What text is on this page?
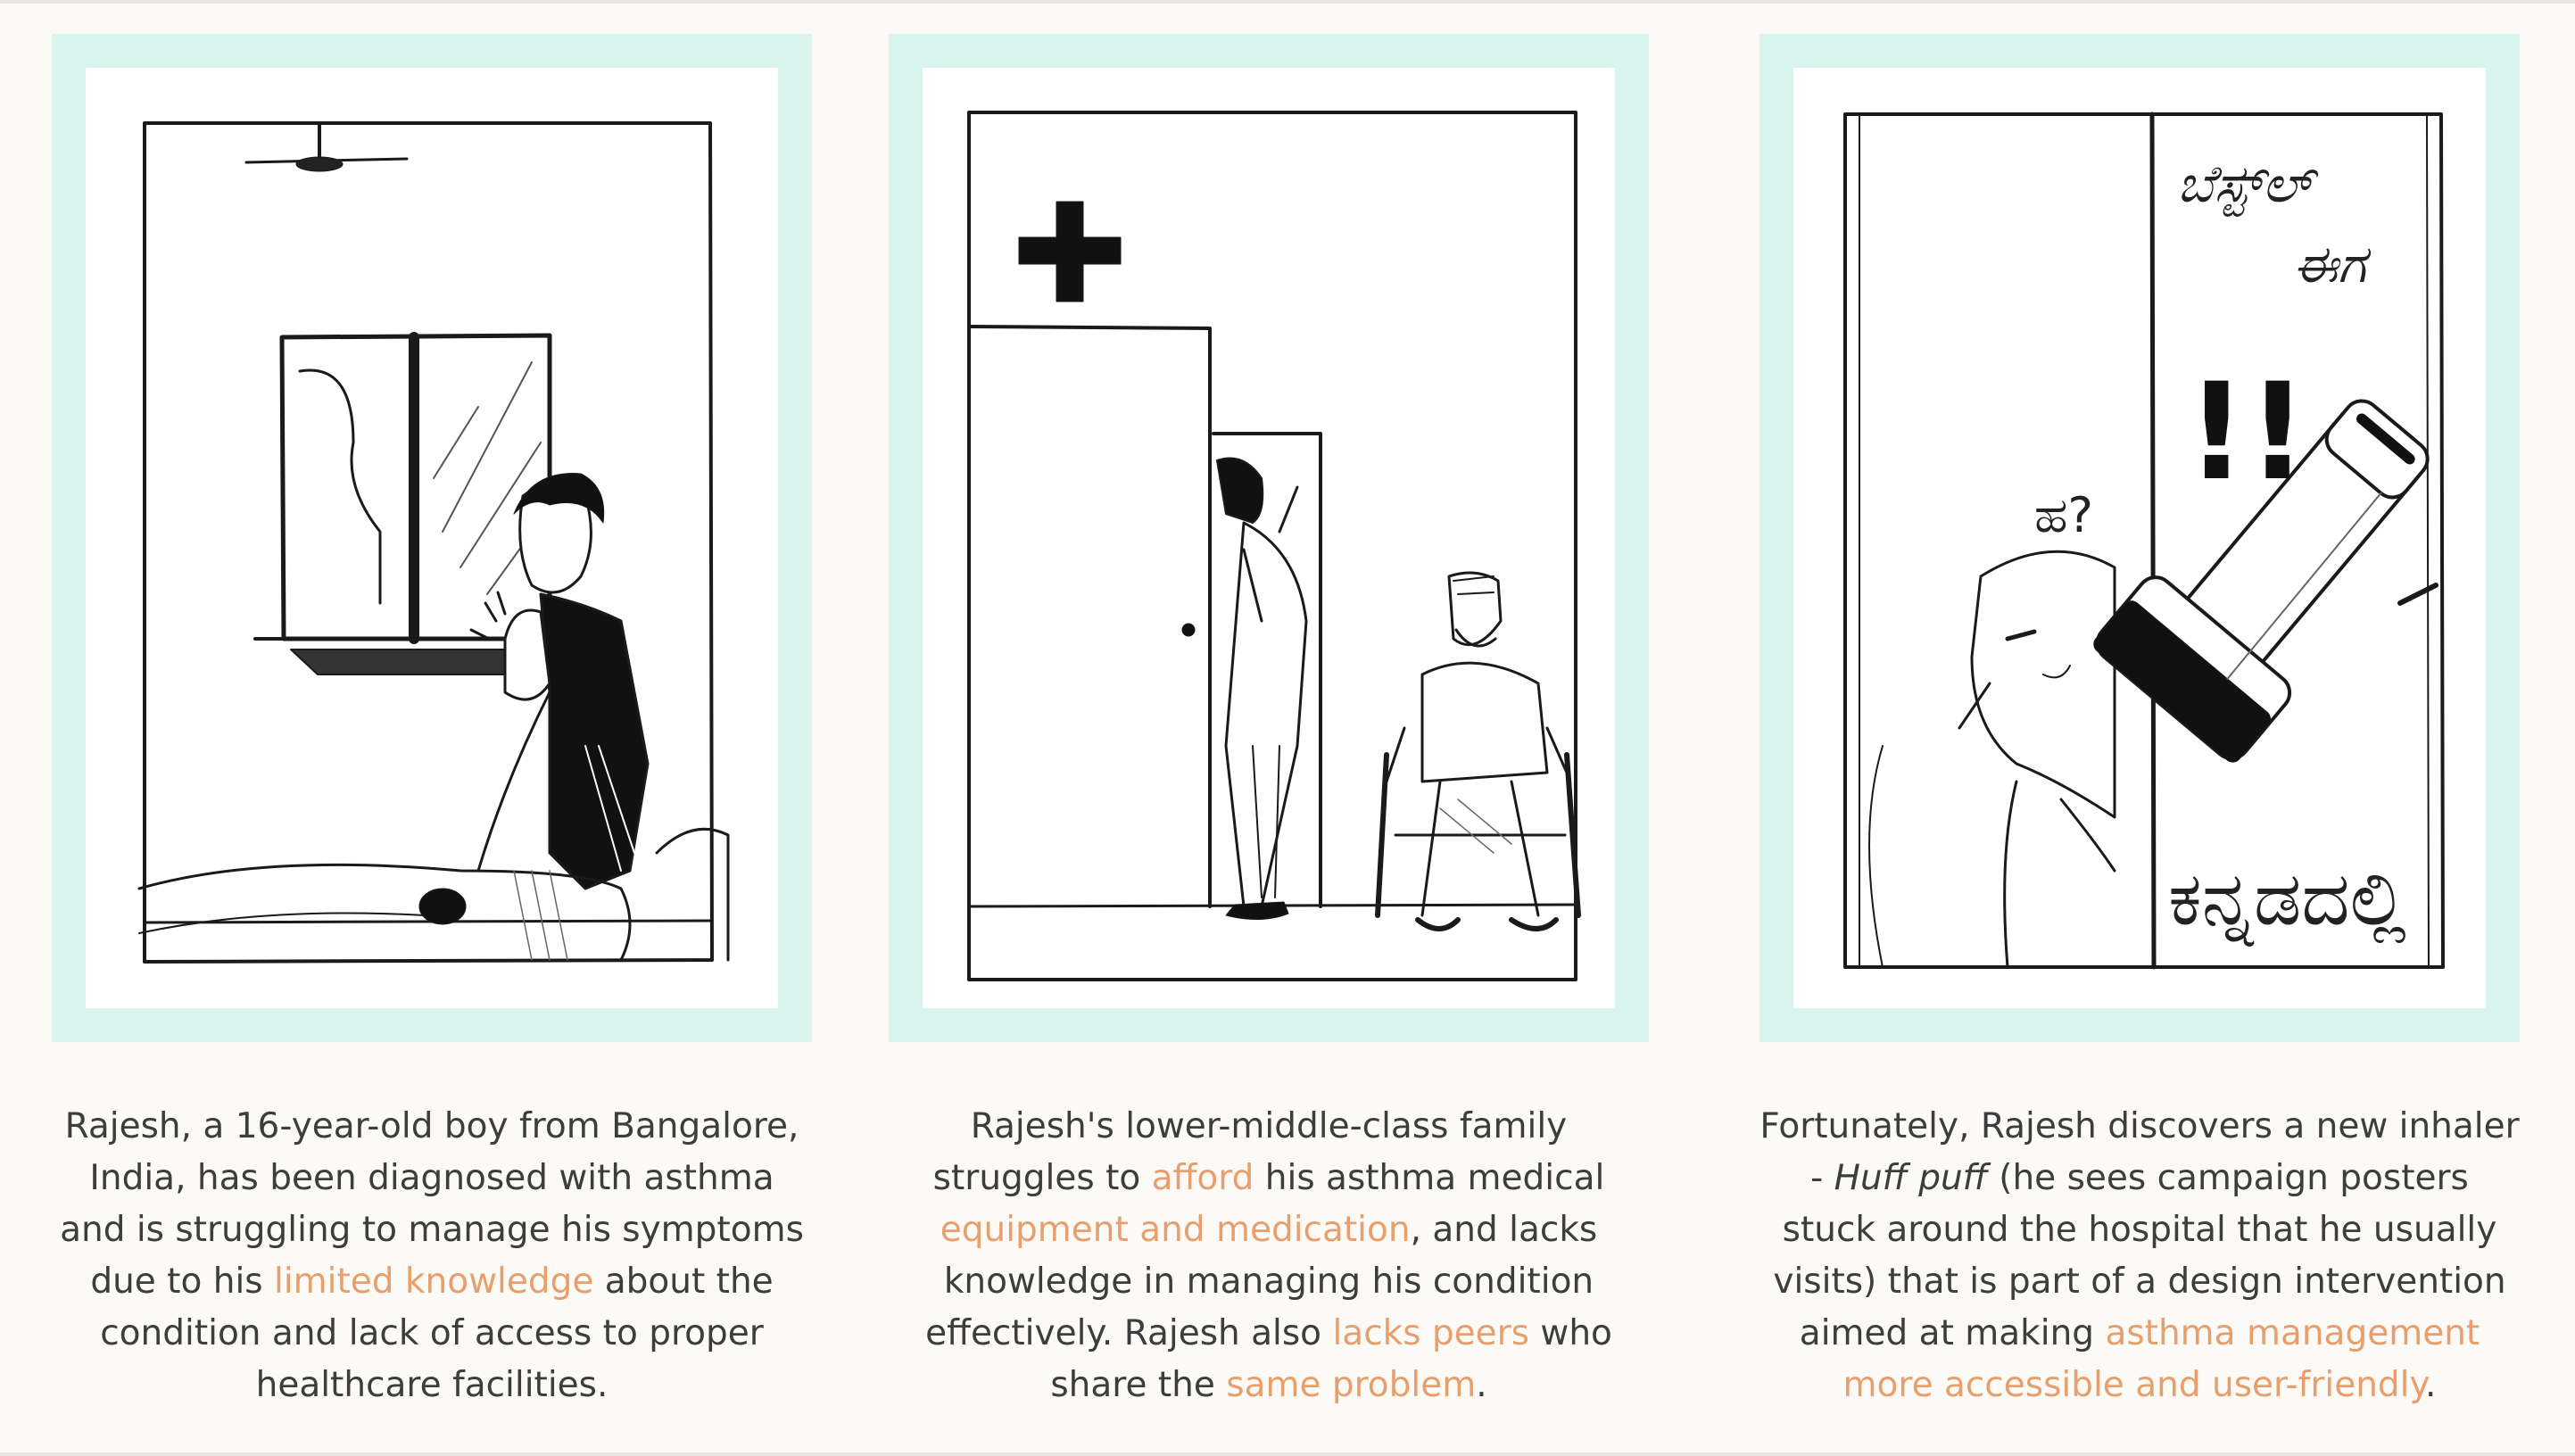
Rajesh, a 16-year-old boy from Bangalore, India, has been diagnosed with asthma and is struggling to manage his symptoms due to his limited knowledge about the condition and lack of access to proper healthcare facilities.
Rajesh's lower-middle-class family struggles to afford his asthma medical equipment and medication, and lacks knowledge in managing his condition effectively. Rajesh also lacks peers who share the same problem.
ಬೆಸ್ಟ್‌ಲ್
ಈಗ
!!
ಹ?
ಕನ್ನಡದಲ್ಲಿ
Fortunately, Rajesh discovers a new inhaler - Huff puff (he sees campaign posters stuck around the hospital that he usually visits) that is part of a design intervention aimed at making asthma management more accessible and user-friendly.
